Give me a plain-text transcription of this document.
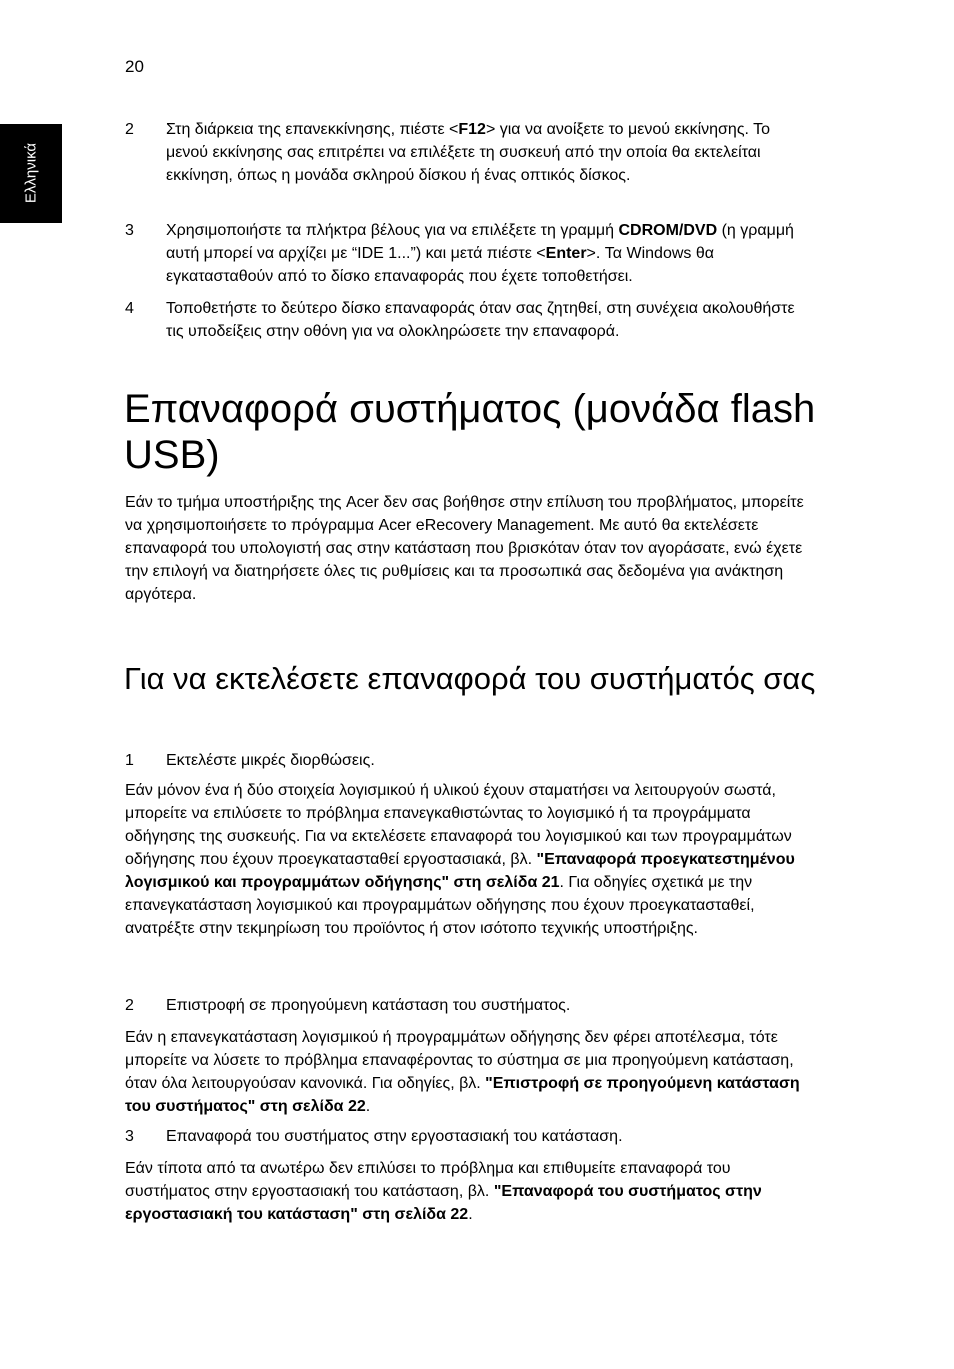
20
Ελληνικά
2 Στη διάρκεια της επανεκκίνησης, πιέστε <F12> για να ανοίξετε το μενού εκκίνησης. Το μενού εκκίνησης σας επιτρέπει να επιλέξετε τη συσκευή από την οποία θα εκτελείται εκκίνηση, όπως η μονάδα σκληρού δίσκου ή ένας οπτικός δίσκος.
3 Χρησιμοποιήστε τα πλήκτρα βέλους για να επιλέξετε τη γραμμή CDROM/DVD (η γραμμή αυτή μπορεί να αρχίζει με “IDE 1...”) και μετά πιέστε <Enter>. Τα Windows θα εγκατασταθούν από το δίσκο επαναφοράς που έχετε τοποθετήσει.
4 Τοποθετήστε το δεύτερο δίσκο επαναφοράς όταν σας ζητηθεί, στη συνέχεια ακολουθήστε τις υποδείξεις στην οθόνη για να ολοκληρώσετε την επαναφορά.
Επαναφορά συστήματος (μονάδα flash USB)

Εάν το τμήμα υποστήριξης της Acer δεν σας βοήθησε στην επίλυση του προβλήματος, μπορείτε να χρησιμοποιήσετε το πρόγραμμα Acer eRecovery Management. Με αυτό θα εκτελέσετε επαναφορά του υπολογιστή σας στην κατάσταση που βρισκόταν όταν τον αγοράσατε, ενώ έχετε την επιλογή να διατηρήσετε όλες τις ρυθμίσεις και τα προσωπικά σας δεδομένα για ανάκτηση αργότερα.

Για να εκτελέσετε επαναφορά του συστήματός σας
1 Εκτελέστε μικρές διορθώσεις.

Εάν μόνον ένα ή δύο στοιχεία λογισμικού ή υλικού έχουν σταματήσει να λειτουργούν σωστά, μπορείτε να επιλύσετε το πρόβλημα επανεγκαθιστώντας το λογισμικό ή τα προγράμματα οδήγησης της συσκευής. Για να εκτελέσετε επαναφορά του λογισμικού και των προγραμμάτων οδήγησης που έχουν προεγκατασταθεί εργοστασιακά, βλ. "Επαναφορά προεγκατεστημένου λογισμικού και προγραμμάτων οδήγησης" στη σελίδα 21. Για οδηγίες σχετικά με την επανεγκατάσταση λογισμικού και προγραμμάτων οδήγησης που έχουν προεγκατασταθεί, ανατρέξτε στην τεκμηρίωση του προϊόντος ή στον ισότοπο τεχνικής υποστήριξης.

2 Επιστροφή σε προηγούμενη κατάσταση του συστήματος.

Εάν η επανεγκατάσταση λογισμικού ή προγραμμάτων οδήγησης δεν φέρει αποτέλεσμα, τότε μπορείτε να λύσετε το πρόβλημα επαναφέροντας το σύστημα σε μια προηγούμενη κατάσταση, όταν όλα λειτουργούσαν κανονικά. Για οδηγίες, βλ. "Επιστροφή σε προηγούμενη κατάσταση του συστήματος" στη σελίδα 22.

3 Επαναφορά του συστήματος στην εργοστασιακή του κατάσταση.

Εάν τίποτα από τα ανωτέρω δεν επιλύσει το πρόβλημα και επιθυμείτε επαναφορά του συστήματος στην εργοστασιακή του κατάσταση, βλ. "Επαναφορά του συστήματος στην εργοστασιακή του κατάσταση" στη σελίδα 22.
